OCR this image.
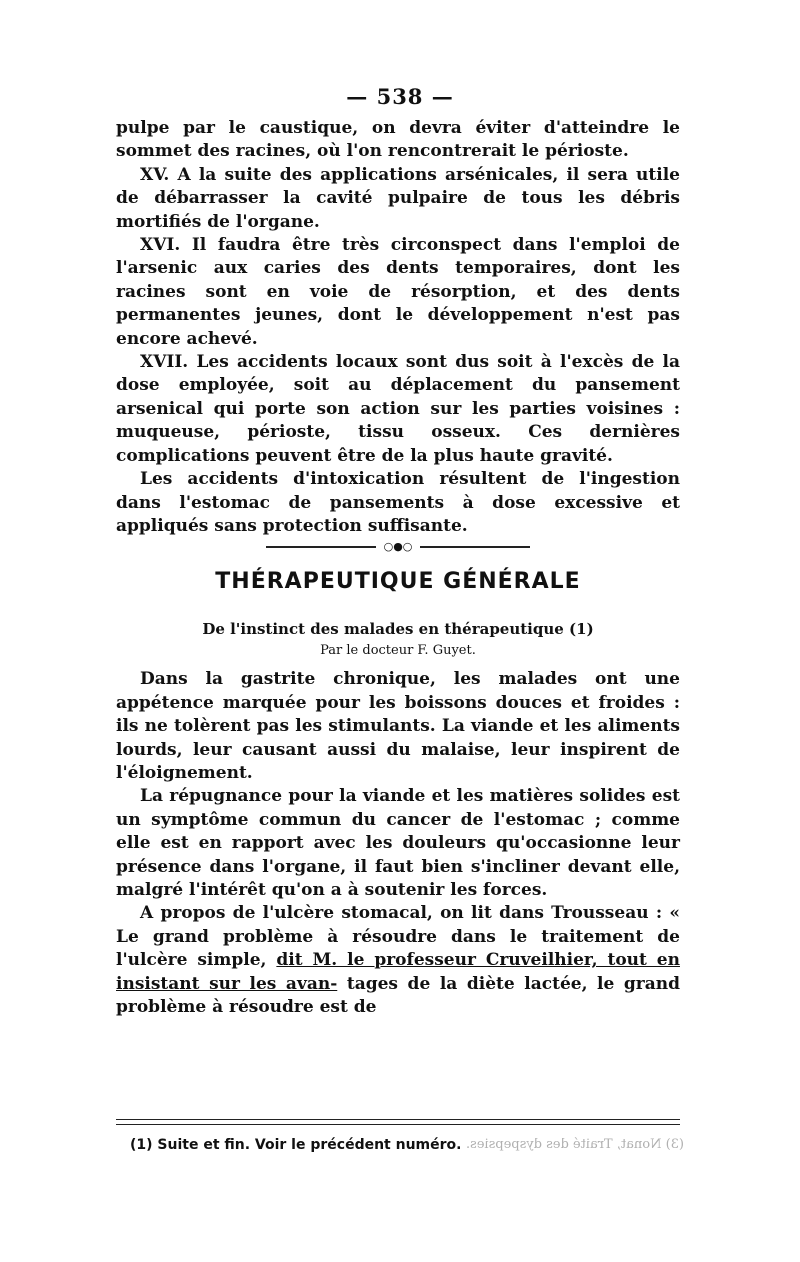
— 538 —

pulpe par le caustique, on devra éviter d'atteindre le sommet des racines, où l'on rencontrerait le périoste.

XV. A la suite des applications arsénicales, il sera utile de débarrasser la cavité pulpaire de tous les débris mortifiés de l'organe.

XVI. Il faudra être très circonspect dans l'emploi de l'arsenic aux caries des dents temporaires, dont les racines sont en voie de résorption, et des dents permanentes jeunes, dont le développement n'est pas encore achevé.

XVII. Les accidents locaux sont dus soit à l'excès de la dose employée, soit au déplacement du pansement arsenical qui porte son action sur les parties voisines : muqueuse, périoste, tissu osseux. Ces dernières complications peuvent être de la plus haute gravité.

Les accidents d'intoxication résultent de l'ingestion dans l'estomac de pansements à dose excessive et appliqués sans protection suffisante.

○●○
THÉRAPEUTIQUE GÉNÉRALE
De l'instinct des malades en thérapeutique (1)
Par le docteur F. Guyet.

Dans la gastrite chronique, les malades ont une appétence marquée pour les boissons douces et froides : ils ne tolèrent pas les stimulants. La viande et les aliments lourds, leur causant aussi du malaise, leur inspirent de l'éloignement.

La répugnance pour la viande et les matières solides est un symptôme commun du cancer de l'estomac ; comme elle est en rapport avec les douleurs qu'occasionne leur présence dans l'organe, il faut bien s'incliner devant elle, malgré l'intérêt qu'on a à soutenir les forces.

A propos de l'ulcère stomacal, on lit dans Trousseau : « Le grand problème à résoudre dans le traitement de l'ulcère simple, dit M. le professeur Cruveilhier, tout en insistant sur les avan- tages de la diète lactée, le grand problème à résoudre est de

(1) Suite et fin. Voir le précédent numéro. (3) Nonat, Traité des dyspepsies.
